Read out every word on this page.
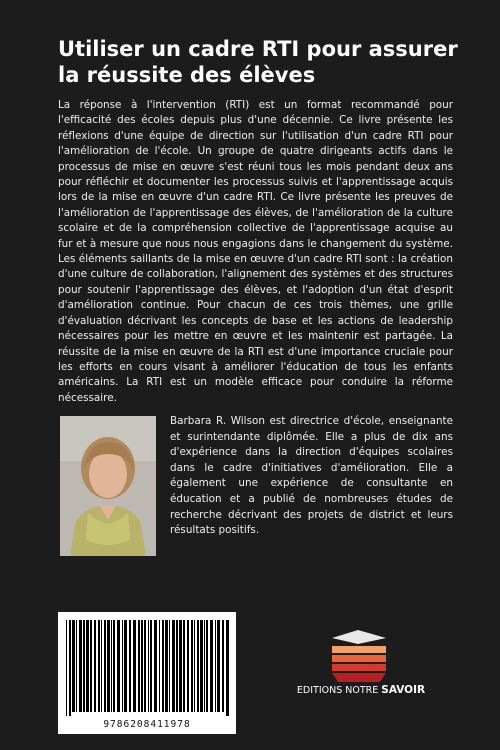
Utiliser un cadre RTI pour assurer la réussite des élèves

La réponse à l'intervention (RTI) est un format recommandé pour l'efficacité des écoles depuis plus d'une décennie. Ce livre présente les réflexions d'une équipe de direction sur l'utilisation d'un cadre RTI pour l'amélioration de l'école. Un groupe de quatre dirigeants actifs dans le processus de mise en œuvre s'est réuni tous les mois pendant deux ans pour réfléchir et documenter les processus suivis et l'apprentissage acquis lors de la mise en œuvre d'un cadre RTI. Ce livre présente les preuves de l'amélioration de l'apprentissage des élèves, de l'amélioration de la culture scolaire et de la compréhension collective de l'apprentissage acquise au fur et à mesure que nous nous engagions dans le changement du système. Les éléments saillants de la mise en œuvre d'un cadre RTI sont : la création d'une culture de collaboration, l'alignement des systèmes et des structures pour soutenir l'apprentissage des élèves, et l'adoption d'un état d'esprit d'amélioration continue. Pour chacun de ces trois thèmes, une grille d'évaluation décrivant les concepts de base et les actions de leadership nécessaires pour les mettre en œuvre et les maintenir est partagée. La réussite de la mise en œuvre de la RTI est d'une importance cruciale pour les efforts en cours visant à améliorer l'éducation de tous les enfants américains. La RTI est un modèle efficace pour conduire la réforme nécessaire.

Barbara R. Wilson est directrice d'école, enseignante et surintendante diplômée. Elle a plus de dix ans d'expérience dans la direction d'équipes scolaires dans le cadre d'initiatives d'amélioration. Elle a également une expérience de consultante en éducation et a publié de nombreuses études de recherche décrivant des projets de district et leurs résultats positifs.

9786208411978
EDITIONS NOTRE SAVOIR
